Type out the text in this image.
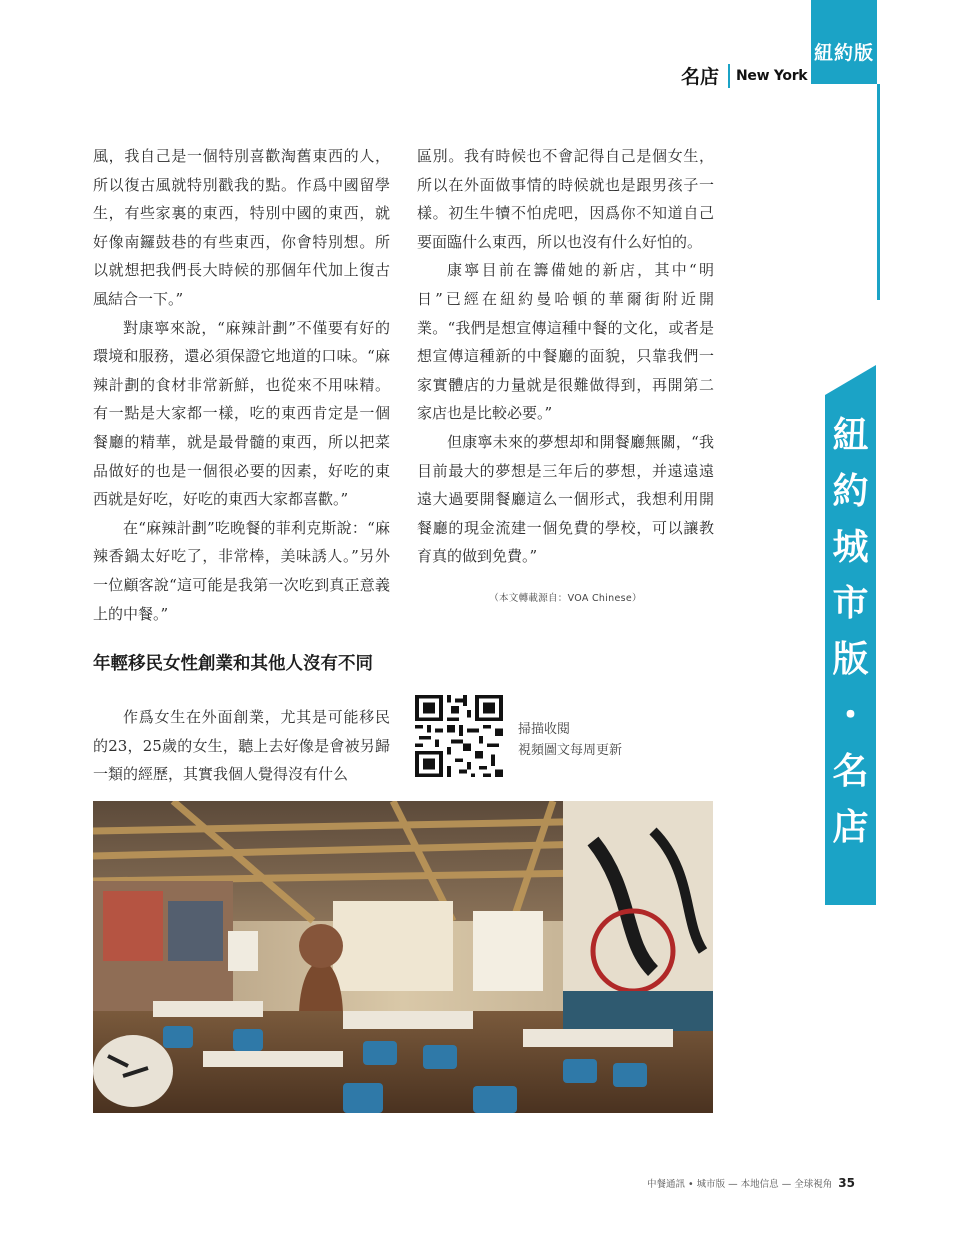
紐約版
名店 New York
紐
約
城
市
版
・
名
店

風，我自己是一個特別喜歡淘舊東西的人，所以復古風就特別戳我的點。作爲中國留學生，有些家裏的東西，特別中國的東西，就好像南鑼鼓巷的有些東西，你會特別想。所以就想把我們長大時候的那個年代加上復古風結合一下。”

對康寧來說，“麻辣計劃”不僅要有好的環境和服務，還必須保證它地道的口味。“麻辣計劃的食材非常新鮮，也從來不用味精。有一點是大家都一樣，吃的東西肯定是一個餐廳的精華，就是最骨髓的東西，所以把菜品做好的也是一個很必要的因素，好吃的東西就是好吃，好吃的東西大家都喜歡。”

在“麻辣計劃”吃晚餐的菲利克斯說：“麻辣香鍋太好吃了，非常棒，美味誘人。”另外一位顧客說“這可能是我第一次吃到真正意義上的中餐。”

區別。我有時候也不會記得自己是個女生，所以在外面做事情的時候就也是跟男孩子一樣。初生牛犢不怕虎吧，因爲你不知道自己要面臨什么東西，所以也沒有什么好怕的。

康寧目前在籌備她的新店，其中“明日”已經在紐約曼哈頓的華爾街附近開業。“我們是想宣傳這種中餐的文化，或者是想宣傳這種新的中餐廳的面貌，只靠我們一家實體店的力量就是很難做得到，再開第二家店也是比較必要。”

但康寧未來的夢想却和開餐廳無關，“我目前最大的夢想是三年后的夢想，并遠遠遠遠大過要開餐廳這么一個形式，我想利用開餐廳的現金流建一個免費的學校，可以讓教育真的做到免費。”

（本文轉載源自：VOA Chinese）
年輕移民女性創業和其他人沒有不同

作爲女生在外面創業，尤其是可能移民的23，25歲的女生，聽上去好像是會被另歸一類的經歷，其實我個人覺得沒有什么

掃描收閱
視頻圖文每周更新
中餐通訊 • 城市版 — 本地信息 — 全球視角 35
